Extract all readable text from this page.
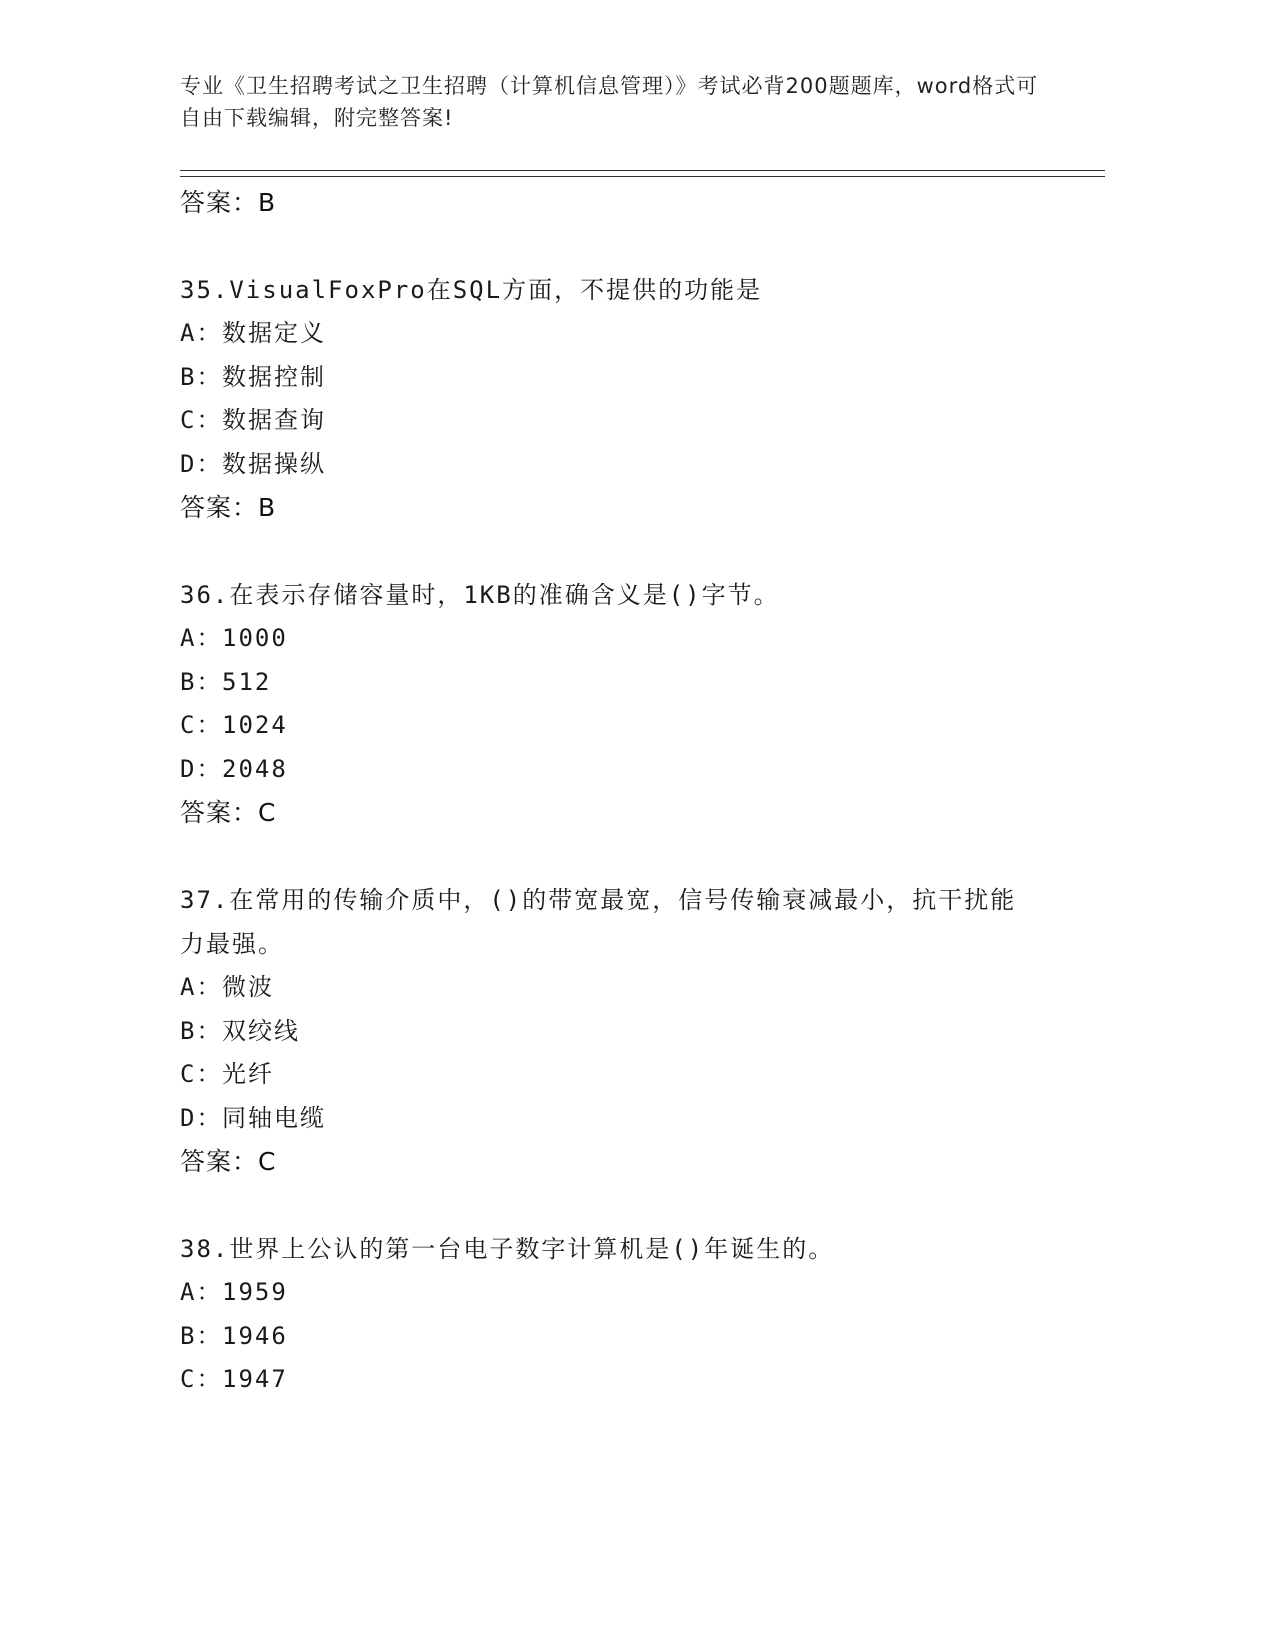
专业《卫生招聘考试之卫生招聘（计算机信息管理）》考试必背200题题库，word格式可自由下载编辑，附完整答案!
答案：B
35.VisualFoxPro在SQL方面，不提供的功能是
A：数据定义
B：数据控制
C：数据查询
D：数据操纵
答案：B
36.在表示存储容量时，1KB的准确含义是()字节。
A：1000
B：512
C：1024
D：2048
答案：C
37.在常用的传输介质中，()的带宽最宽，信号传输衰减最小，抗干扰能力最强。
A：微波
B：双绞线
C：光纤
D：同轴电缆
答案：C
38.世界上公认的第一台电子数字计算机是()年诞生的。
A：1959
B：1946
C：1947
